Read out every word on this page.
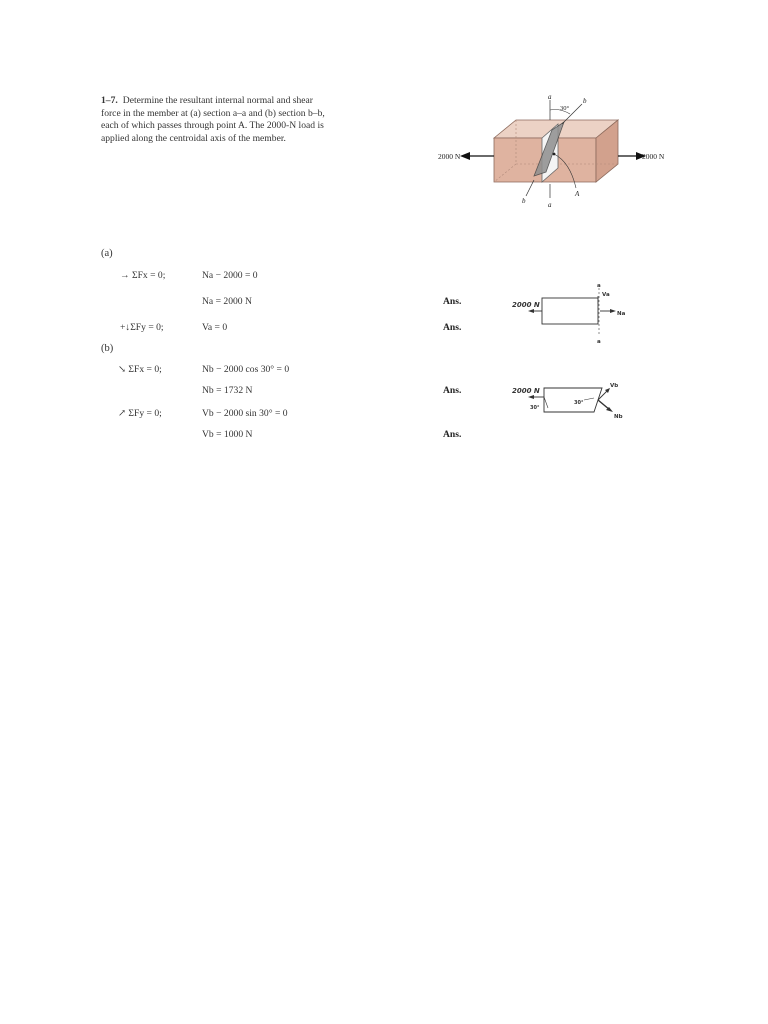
1–7. Determine the resultant internal normal and shear
force in the member at (a) section a–a and (b) section b–b,
each of which passes through point A. The 2000-N load is
applied along the centroidal axis of the member.
2000 N	2000 N
30°
a	b
a
b
A
(a)
→ ΣFx = 0;	Na − 2000 = 0
Na = 2000 N	Ans.
+↓ΣFy = 0;	Va = 0	Ans.
2000 N
Va
Na
a
a
(b)
↘ ΣFx = 0;	Nb − 2000 cos 30° = 0
Nb = 1732 N	Ans.
↗ ΣFy = 0;	Vb − 2000 sin 30° = 0
Vb = 1000 N	Ans.
2000 N
30°
30°
Vb
Nb
